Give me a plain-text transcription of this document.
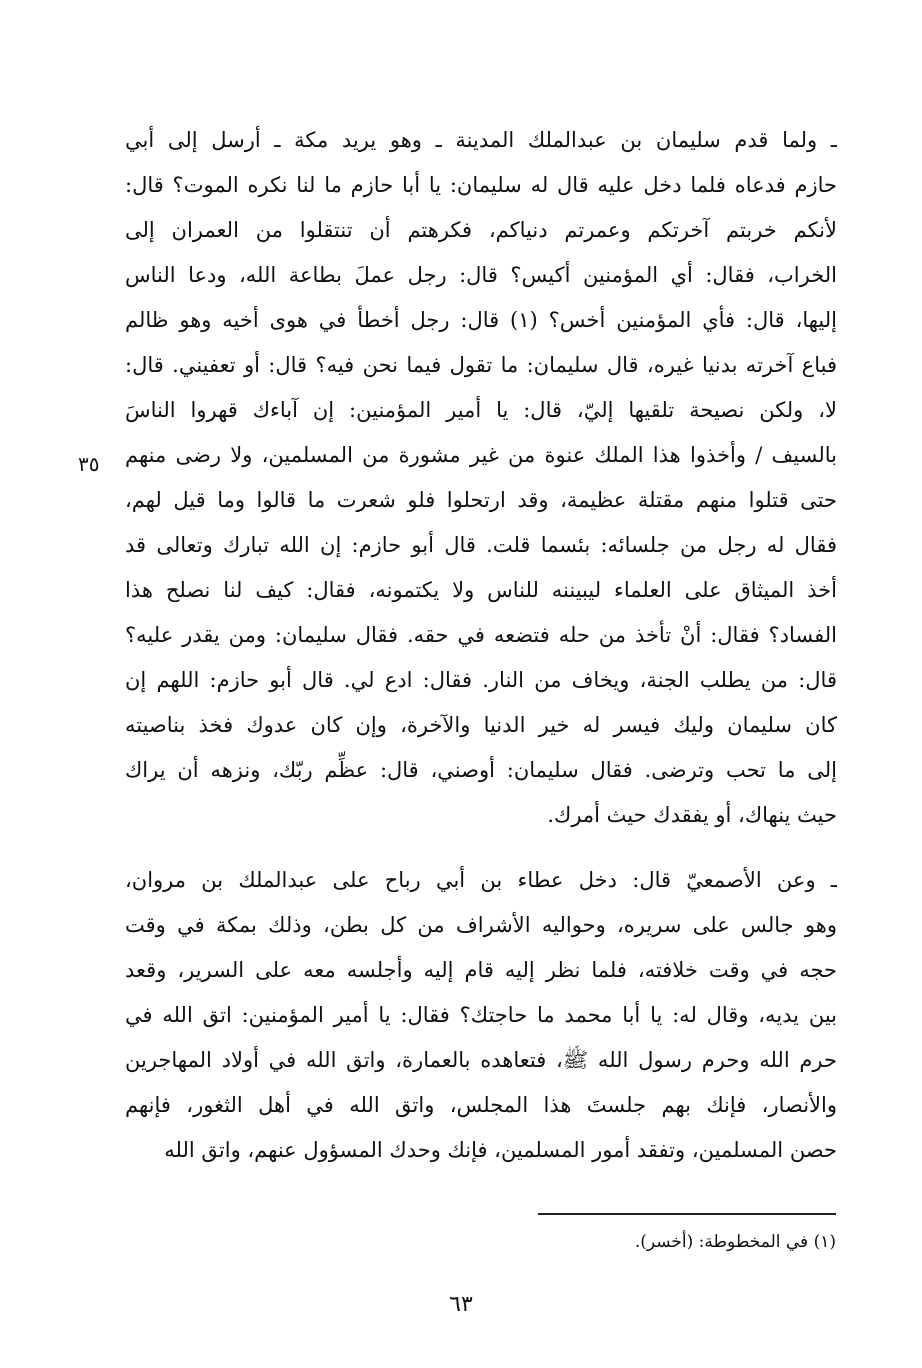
ـ ولما قدم سليمان بن عبدالملك المدينة ـ وهو يريد مكة ـ أرسل إلى أبي
حازم فدعاه فلما دخل عليه قال له سليمان: يا أبا حازم ما لنا نكره الموت؟ قال:
لأنكم خربتم آخرتكم وعمرتم دنياكم، فكرهتم أن تنتقلوا من العمران إلى
الخراب، فقال: أي المؤمنين أكيس؟ قال: رجل عملَ بطاعة الله، ودعا الناس
إليها، قال: فأي المؤمنين أخس؟ (١) قال: رجل أخطأ في هوى أخيه وهو ظالم
فباع آخرته بدنيا غيره، قال سليمان: ما تقول فيما نحن فيه؟ قال: أو تعفيني. قال:
لا، ولكن نصيحة تلقيها إليّ، قال: يا أمير المؤمنين: إن آباءك قهروا الناسَ
بالسيف / وأخذوا هذا الملك عنوة من غير مشورة من المسلمين، ولا رضى منهم
حتى قتلوا منهم مقتلة عظيمة، وقد ارتحلوا فلو شعرت ما قالوا وما قيل لهم،
فقال له رجل من جلسائه: بئسما قلت. قال أبو حازم: إن الله تبارك وتعالى قد
أخذ الميثاق على العلماء ليبيننه للناس ولا يكتمونه، فقال: كيف لنا نصلح هذا
الفساد؟ فقال: أنْ تأخذ من حله فتضعه في حقه. فقال سليمان: ومن يقدر عليه؟
قال: من يطلب الجنة، ويخاف من النار. فقال: ادع لي. قال أبو حازم: اللهم إن
كان سليمان وليك فيسر له خير الدنيا والآخرة، وإن كان عدوك فخذ بناصيته
إلى ما تحب وترضى. فقال سليمان: أوصني، قال: عظِّم ربّك، ونزهه أن يراك
حيث ينهاك، أو يفقدك حيث أمرك.
ـ وعن الأصمعيّ قال: دخل عطاء بن أبي رباح على عبدالملك بن مروان،
وهو جالس على سريره، وحواليه الأشراف من كل بطن، وذلك بمكة في وقت
حجه في وقت خلافته، فلما نظر إليه قام إليه وأجلسه معه على السرير، وقعد
بين يديه، وقال له: يا أبا محمد ما حاجتك؟ فقال: يا أمير المؤمنين: اتق الله في
حرم الله وحرم رسول الله ﷺ، فتعاهده بالعمارة، واتق الله في أولاد المهاجرين
والأنصار، فإنك بهم جلستَ هذا المجلس، واتق الله في أهل الثغور، فإنهم
حصن المسلمين، وتفقد أمور المسلمين، فإنك وحدك المسؤول عنهم، واتق الله
٣٥
(١) في المخطوطة: (أخسر).
٦٣
